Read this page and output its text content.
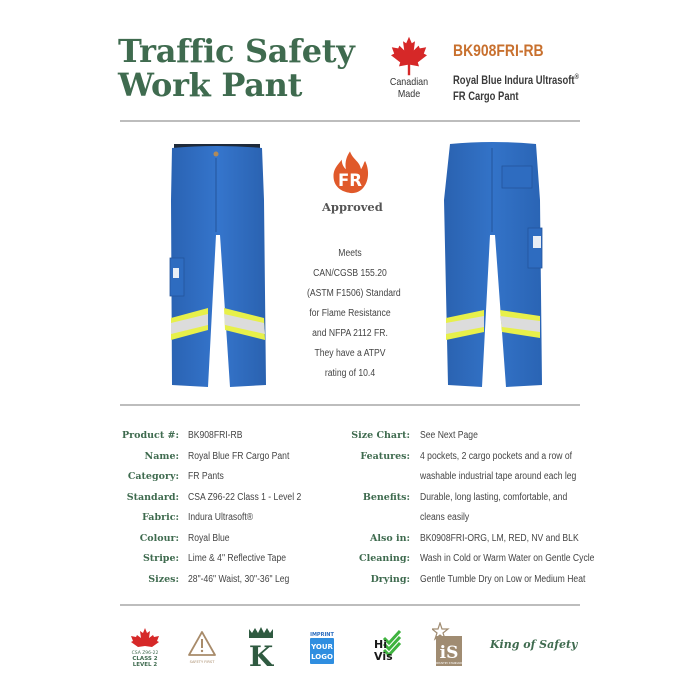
Traffic Safety
Work Pant	Canadian
Made
BK908FRI-RB
Royal Blue Indura Ultrasoft®
FR Cargo Pant
FR
Approved
Meets
CAN/CGSB 155.20
(ASTM F1506) Standard
for Flame Resistance
and NFPA 2112 FR.
They have a ATPV
rating of 10.4
Product #: BK908FRI-RB
Name: Royal Blue FR Cargo Pant
Category: FR Pants
Standard: CSA Z96-22 Class 1 - Level 2
Fabric: Indura Ultrasoft®
Colour: Royal Blue
Stripe: Lime & 4" Reflective Tape
Sizes: 28"-46" Waist, 30"-36" Leg
Size Chart: See Next Page
Features: 4 pockets, 2 cargo pockets and a row of
washable industrial tape around each leg
Benefits: Durable, long lasting, comfortable, and
cleans easily
Also in: BK0908FRI-ORG, LM, RED, NV and BLK
Cleaning: Wash in Cold or Warm Water on Gentle Cycle
Drying: Gentle Tumble Dry on Low or Medium Heat
CSA Z96-22
CLASS 2
LEVEL 2	SAFETY FIRST K
IMPRINT
YOUR
LOGO
Hi
Vis	iS
INDUSTRY STANDARD
King of Safety
